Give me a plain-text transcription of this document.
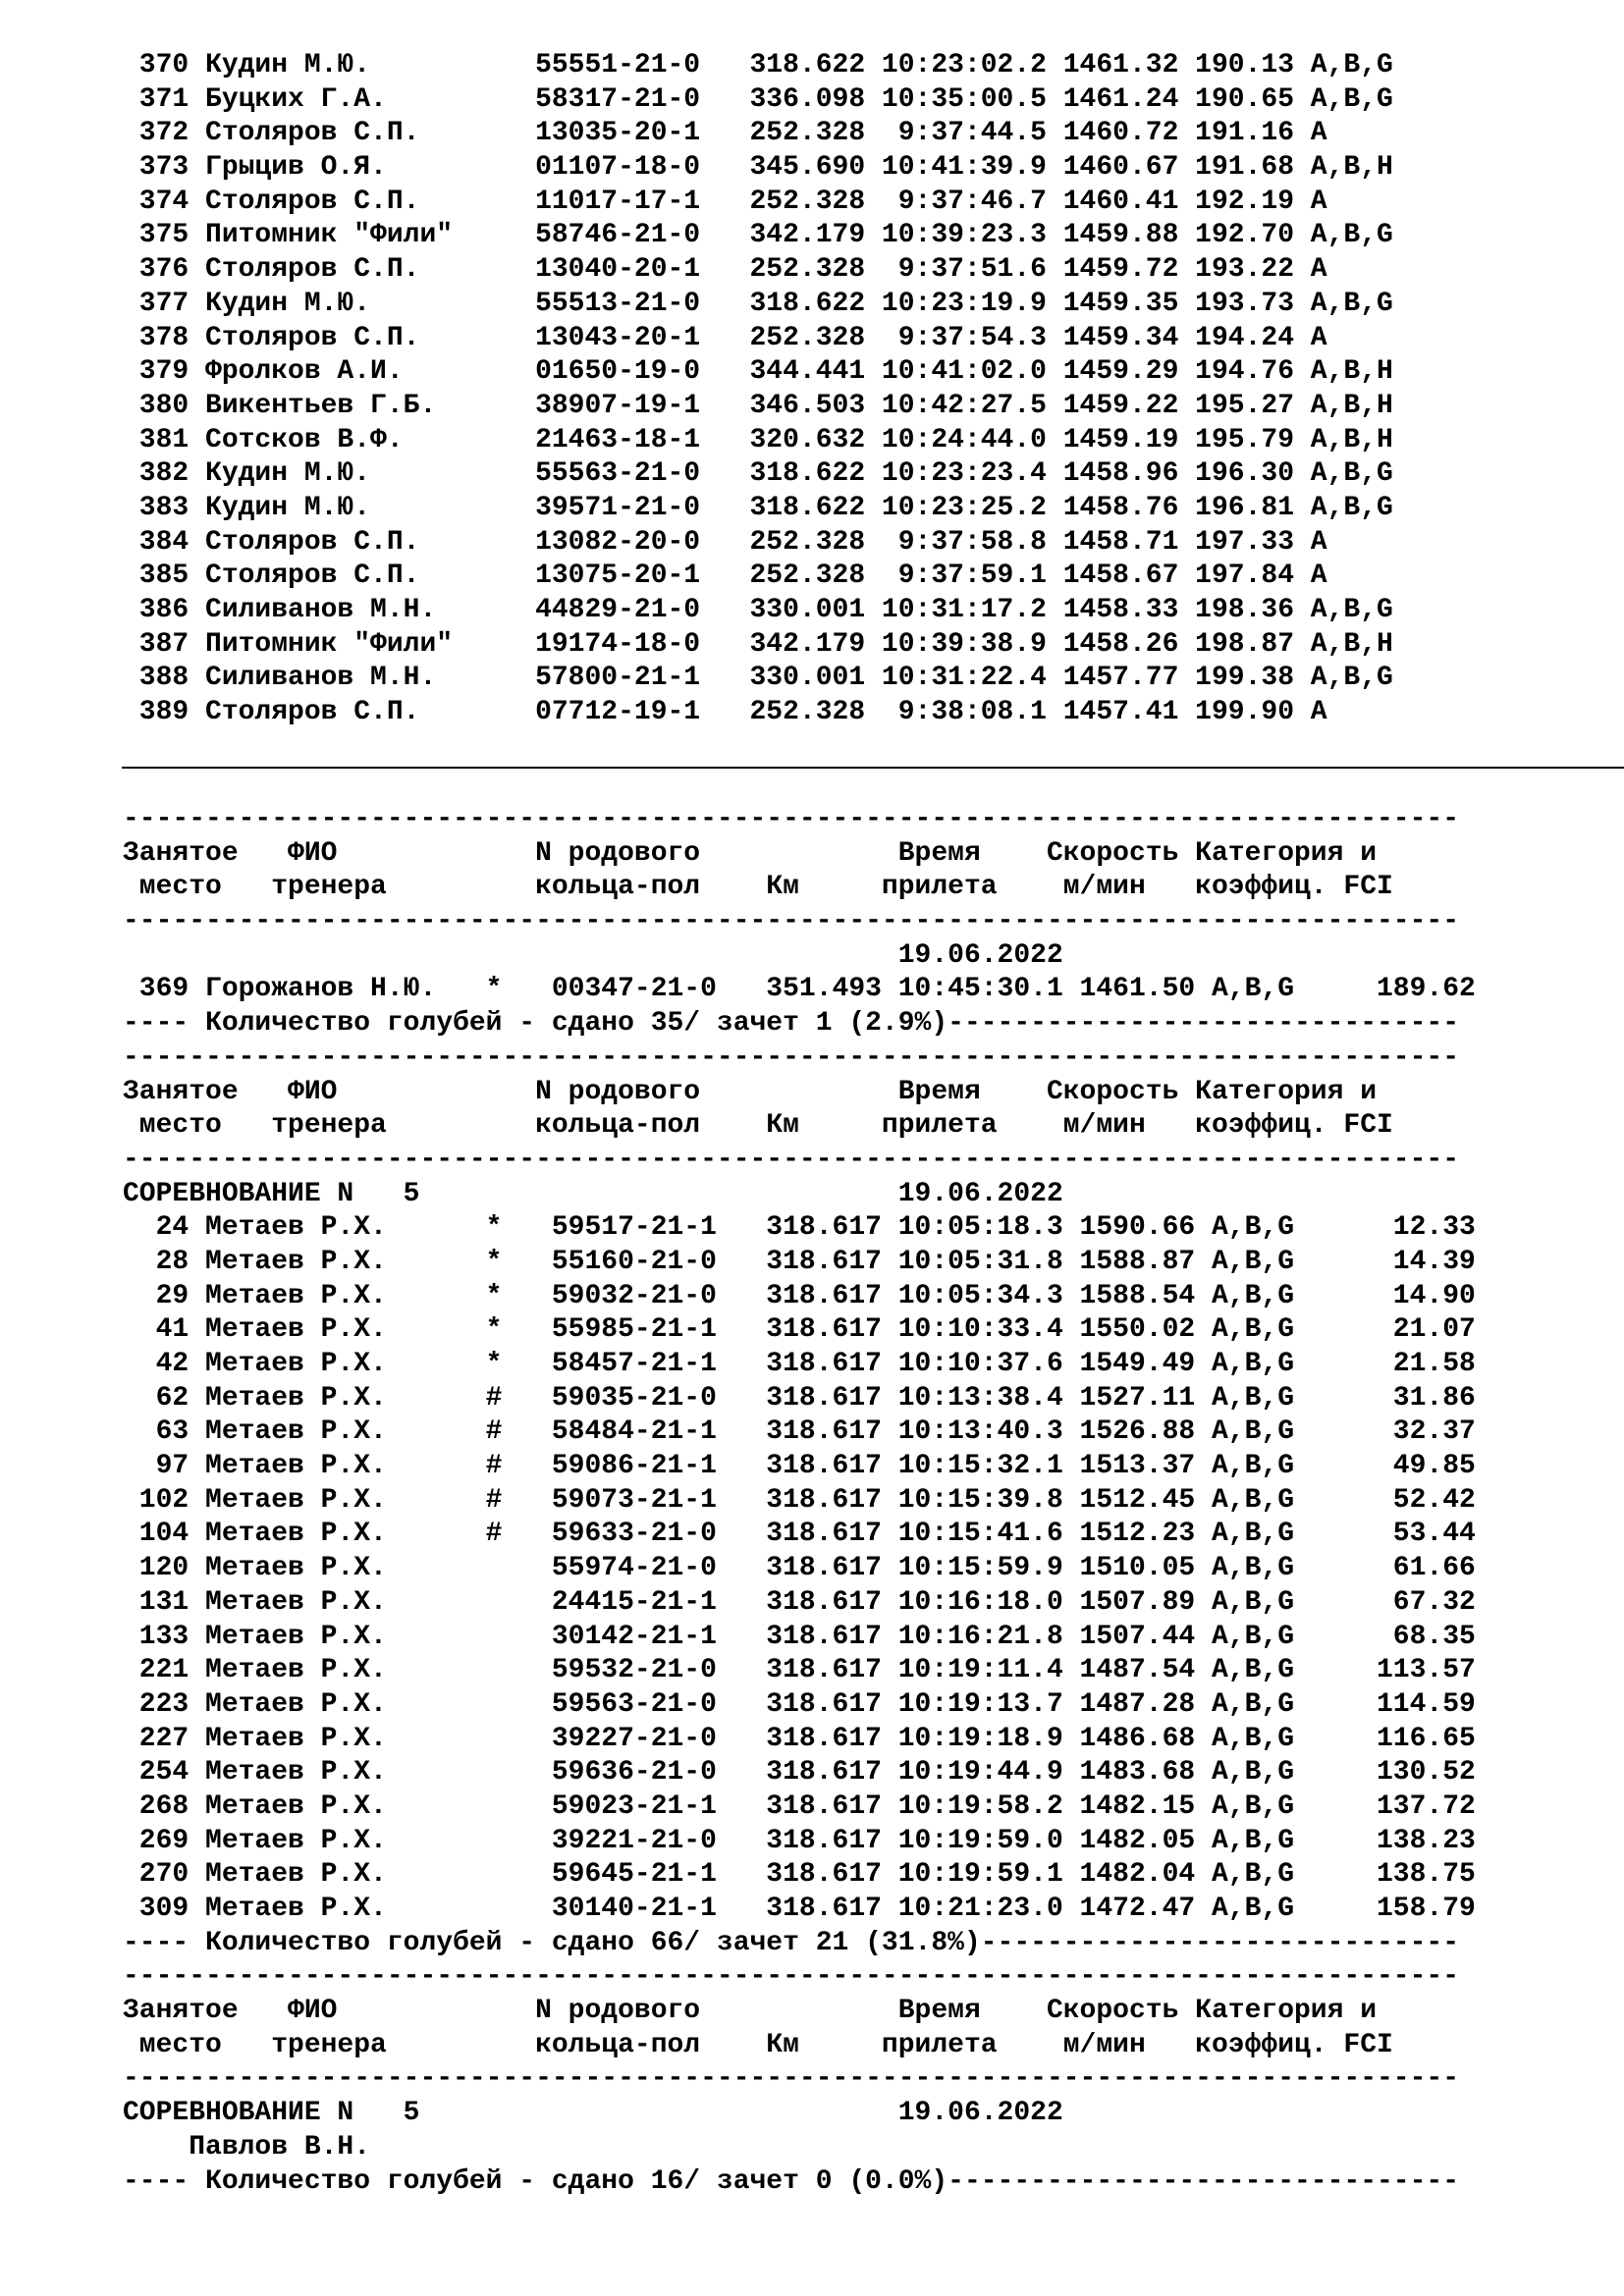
370 Кудин М.Ю.          55551-21-0   318.622 10:23:02.2 1461.32 190.13 A,B,G
371 Буцких Г.А.         58317-21-0   336.098 10:35:00.5 1461.24 190.65 A,B,G
372 Столяров С.П.       13035-20-1   252.328  9:37:44.5 1460.72 191.16 A
373 Грыцив О.Я.         01107-18-0   345.690 10:41:39.9 1460.67 191.68 A,B,H
374 Столяров С.П.       11017-17-1   252.328  9:37:46.7 1460.41 192.19 A
375 Питомник "Фили"     58746-21-0   342.179 10:39:23.3 1459.88 192.70 A,B,G
376 Столяров С.П.       13040-20-1   252.328  9:37:51.6 1459.72 193.22 A
377 Кудин М.Ю.          55513-21-0   318.622 10:23:19.9 1459.35 193.73 A,B,G
378 Столяров С.П.       13043-20-1   252.328  9:37:54.3 1459.34 194.24 A
379 Фролков А.И.        01650-19-0   344.441 10:41:02.0 1459.29 194.76 A,B,H
380 Викентьев Г.Б.      38907-19-1   346.503 10:42:27.5 1459.22 195.27 A,B,H
381 Сотсков В.Ф.        21463-18-1   320.632 10:24:44.0 1459.19 195.79 A,B,H
382 Кудин М.Ю.          55563-21-0   318.622 10:23:23.4 1458.96 196.30 A,B,G
383 Кудин М.Ю.          39571-21-0   318.622 10:23:25.2 1458.76 196.81 A,B,G
384 Столяров С.П.       13082-20-0   252.328  9:37:58.8 1458.71 197.33 A
385 Столяров С.П.       13075-20-1   252.328  9:37:59.1 1458.67 197.84 A
386 Силиванов М.Н.      44829-21-0   330.001 10:31:17.2 1458.33 198.36 A,B,G
387 Питомник "Фили"     19174-18-0   342.179 10:39:38.9 1458.26 198.87 A,B,H
388 Силиванов М.Н.      57800-21-1   330.001 10:31:22.4 1457.77 199.38 A,B,G
389 Столяров С.П.       07712-19-1   252.328  9:38:08.1 1457.41 199.90 A
---------------------------------------------------------------------------------
Занятое   ФИО            N родового            Время    Скорость Категория и
место   тренера         кольца-пол    Км     прилета    м/мин   коэффиц. FCI
---------------------------------------------------------------------------------
19.06.2022
369 Горожанов Н.Ю.   *   00347-21-0   351.493 10:45:30.1 1461.50 A,B,G     189.62
---- Количество голубей - сдано 35/ зачет 1 (2.9%)-------------------------------
---------------------------------------------------------------------------------
Занятое   ФИО            N родового            Время    Скорость Категория и
место   тренера         кольца-пол    Км     прилета    м/мин   коэффиц. FCI
---------------------------------------------------------------------------------
СОРЕВНОВАНИЕ N   5                             19.06.2022
24 Метаев Р.Х.      *   59517-21-1   318.617 10:05:18.3 1590.66 A,B,G      12.33
28 Метаев Р.Х.      *   55160-21-0   318.617 10:05:31.8 1588.87 A,B,G      14.39
29 Метаев Р.Х.      *   59032-21-0   318.617 10:05:34.3 1588.54 A,B,G      14.90
41 Метаев Р.Х.      *   55985-21-1   318.617 10:10:33.4 1550.02 A,B,G      21.07
42 Метаев Р.Х.      *   58457-21-1   318.617 10:10:37.6 1549.49 A,B,G      21.58
62 Метаев Р.Х.      #   59035-21-0   318.617 10:13:38.4 1527.11 A,B,G      31.86
63 Метаев Р.Х.      #   58484-21-1   318.617 10:13:40.3 1526.88 A,B,G      32.37
97 Метаев Р.Х.      #   59086-21-1   318.617 10:15:32.1 1513.37 A,B,G      49.85
102 Метаев Р.Х.      #   59073-21-1   318.617 10:15:39.8 1512.45 A,B,G      52.42
104 Метаев Р.Х.      #   59633-21-0   318.617 10:15:41.6 1512.23 A,B,G      53.44
120 Метаев Р.Х.          55974-21-0   318.617 10:15:59.9 1510.05 A,B,G      61.66
131 Метаев Р.Х.          24415-21-1   318.617 10:16:18.0 1507.89 A,B,G      67.32
133 Метаев Р.Х.          30142-21-1   318.617 10:16:21.8 1507.44 A,B,G      68.35
221 Метаев Р.Х.          59532-21-0   318.617 10:19:11.4 1487.54 A,B,G     113.57
223 Метаев Р.Х.          59563-21-0   318.617 10:19:13.7 1487.28 A,B,G     114.59
227 Метаев Р.Х.          39227-21-0   318.617 10:19:18.9 1486.68 A,B,G     116.65
254 Метаев Р.Х.          59636-21-0   318.617 10:19:44.9 1483.68 A,B,G     130.52
268 Метаев Р.Х.          59023-21-1   318.617 10:19:58.2 1482.15 A,B,G     137.72
269 Метаев Р.Х.          39221-21-0   318.617 10:19:59.0 1482.05 A,B,G     138.23
270 Метаев Р.Х.          59645-21-1   318.617 10:19:59.1 1482.04 A,B,G     138.75
309 Метаев Р.Х.          30140-21-1   318.617 10:21:23.0 1472.47 A,B,G     158.79
---- Количество голубей - сдано 66/ зачет 21 (31.8%)-----------------------------
---------------------------------------------------------------------------------
Занятое   ФИО            N родового            Время    Скорость Категория и
место   тренера         кольца-пол    Км     прилета    м/мин   коэффиц. FCI
---------------------------------------------------------------------------------
СОРЕВНОВАНИЕ N   5                             19.06.2022
Павлов В.Н.
---- Количество голубей - сдано 16/ зачет 0 (0.0%)-------------------------------
